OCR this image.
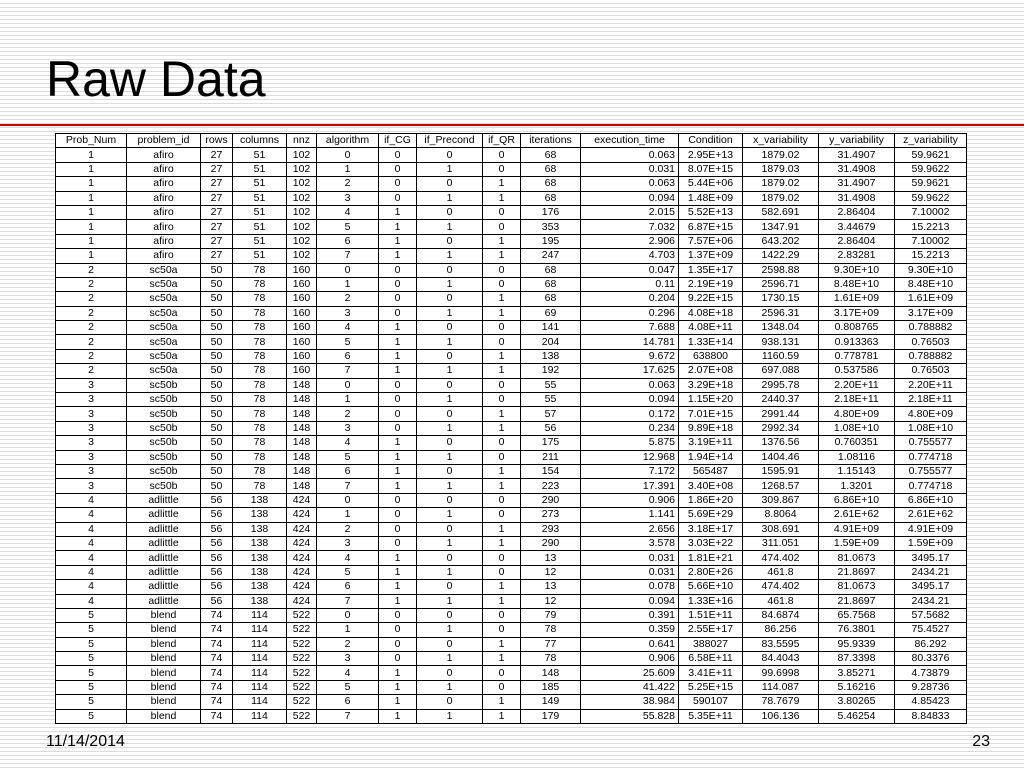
Raw Data
Prob_Num	problem_id	rows	columns	nnz	algorithm	if_CG	if_Precond	if_QR	iterations	execution_time	Condition	x_variability	y_variability	z_variability
1	afiro	27	51	102	0	0	0	0	68	0.063	2.95E+13	1879.02	31.4907	59.9621
1	afiro	27	51	102	1	0	1	0	68	0.031	8.07E+15	1879.03	31.4908	59.9622
1	afiro	27	51	102	2	0	0	1	68	0.063	5.44E+06	1879.02	31.4907	59.9621
1	afiro	27	51	102	3	0	1	1	68	0.094	1.48E+09	1879.02	31.4908	59.9622
1	afiro	27	51	102	4	1	0	0	176	2.015	5.52E+13	582.691	2.86404	7.10002
1	afiro	27	51	102	5	1	1	0	353	7.032	6.87E+15	1347.91	3.44679	15.2213
1	afiro	27	51	102	6	1	0	1	195	2.906	7.57E+06	643.202	2.86404	7.10002
1	afiro	27	51	102	7	1	1	1	247	4.703	1.37E+09	1422.29	2.83281	15.2213
2	sc50a	50	78	160	0	0	0	0	68	0.047	1.35E+17	2598.88	9.30E+10	9.30E+10
2	sc50a	50	78	160	1	0	1	0	68	0.11	2.19E+19	2596.71	8.48E+10	8.48E+10
2	sc50a	50	78	160	2	0	0	1	68	0.204	9.22E+15	1730.15	1.61E+09	1.61E+09
2	sc50a	50	78	160	3	0	1	1	69	0.296	4.08E+18	2596.31	3.17E+09	3.17E+09
2	sc50a	50	78	160	4	1	0	0	141	7.688	4.08E+11	1348.04	0.808765	0.788882
2	sc50a	50	78	160	5	1	1	0	204	14.781	1.33E+14	938.131	0.913363	0.76503
2	sc50a	50	78	160	6	1	0	1	138	9.672	638800	1160.59	0.778781	0.788882
2	sc50a	50	78	160	7	1	1	1	192	17.625	2.07E+08	697.088	0.537586	0.76503
3	sc50b	50	78	148	0	0	0	0	55	0.063	3.29E+18	2995.78	2.20E+11	2.20E+11
3	sc50b	50	78	148	1	0	1	0	55	0.094	1.15E+20	2440.37	2.18E+11	2.18E+11
3	sc50b	50	78	148	2	0	0	1	57	0.172	7.01E+15	2991.44	4.80E+09	4.80E+09
3	sc50b	50	78	148	3	0	1	1	56	0.234	9.89E+18	2992.34	1.08E+10	1.08E+10
3	sc50b	50	78	148	4	1	0	0	175	5.875	3.19E+11	1376.56	0.760351	0.755577
3	sc50b	50	78	148	5	1	1	0	211	12.968	1.94E+14	1404.46	1.08116	0.774718
3	sc50b	50	78	148	6	1	0	1	154	7.172	565487	1595.91	1.15143	0.755577
3	sc50b	50	78	148	7	1	1	1	223	17.391	3.40E+08	1268.57	1.3201	0.774718
4	adlittle	56	138	424	0	0	0	0	290	0.906	1.86E+20	309.867	6.86E+10	6.86E+10
4	adlittle	56	138	424	1	0	1	0	273	1.141	5.69E+29	8.8064	2.61E+62	2.61E+62
4	adlittle	56	138	424	2	0	0	1	293	2.656	3.18E+17	308.691	4.91E+09	4.91E+09
4	adlittle	56	138	424	3	0	1	1	290	3.578	3.03E+22	311.051	1.59E+09	1.59E+09
4	adlittle	56	138	424	4	1	0	0	13	0.031	1.81E+21	474.402	81.0673	3495.17
4	adlittle	56	138	424	5	1	1	0	12	0.031	2.80E+26	461.8	21.8697	2434.21
4	adlittle	56	138	424	6	1	0	1	13	0.078	5.66E+10	474.402	81.0673	3495.17
4	adlittle	56	138	424	7	1	1	1	12	0.094	1.33E+16	461.8	21.8697	2434.21
5	blend	74	114	522	0	0	0	0	79	0.391	1.51E+11	84.6874	65.7568	57.5682
5	blend	74	114	522	1	0	1	0	78	0.359	2.55E+17	86.256	76.3801	75.4527
5	blend	74	114	522	2	0	0	1	77	0.641	388027	83.5595	95.9339	86.292
5	blend	74	114	522	3	0	1	1	78	0.906	6.58E+11	84.4043	87.3398	80.3376
5	blend	74	114	522	4	1	0	0	148	25.609	3.41E+11	99.6998	3.85271	4.73879
5	blend	74	114	522	5	1	1	0	185	41.422	5.25E+15	114.087	5.16216	9.28736
5	blend	74	114	522	6	1	0	1	149	38.984	590107	78.7679	3.80265	4.85423
5	blend	74	114	522	7	1	1	1	179	55.828	5.35E+11	106.136	5.46254	8.84833
11/14/2014	23
